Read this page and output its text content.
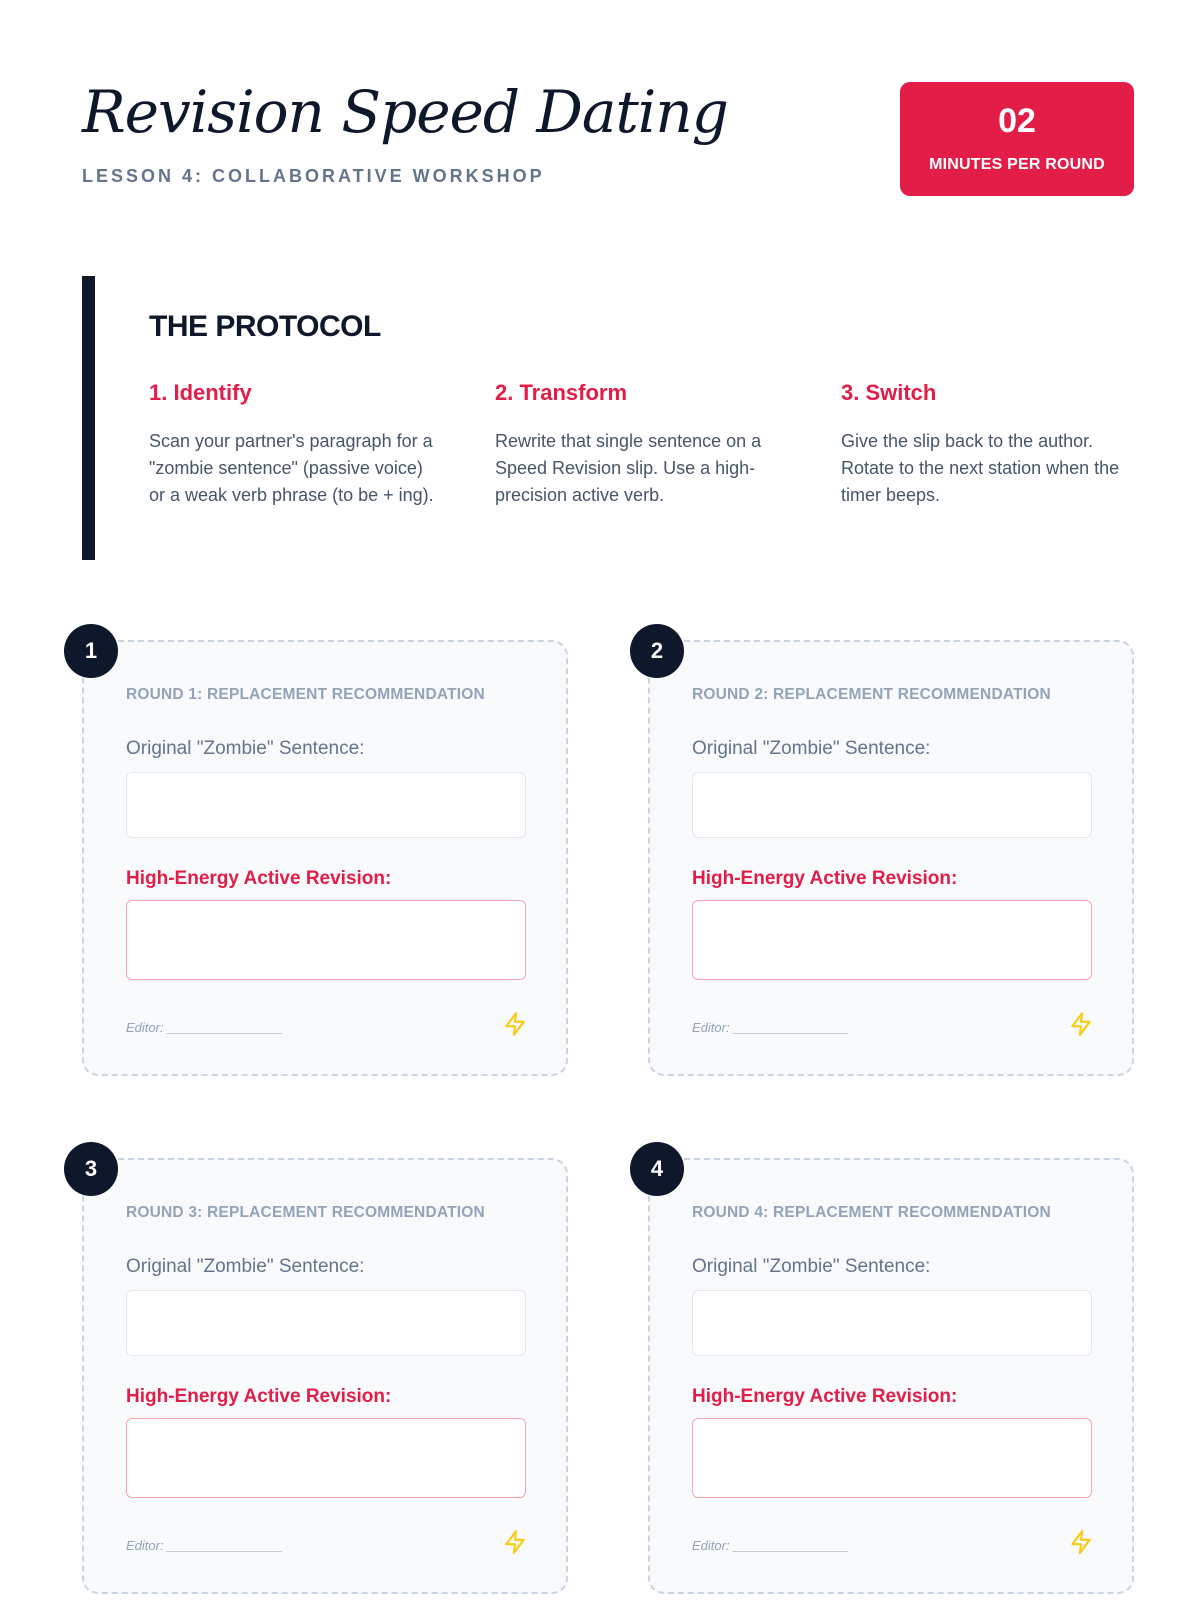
Revision Speed Dating
LESSON 4: COLLABORATIVE WORKSHOP
02
MINUTES PER ROUND
THE PROTOCOL
1. Identify

Scan your partner's paragraph for a "zombie sentence" (passive voice) or a weak verb phrase (to be + ing).

2. Transform

Rewrite that single sentence on a Speed Revision slip. Use a high-precision active verb.

3. Switch

Give the slip back to the author. Rotate to the next station when the timer beeps.

1
ROUND 1: REPLACEMENT RECOMMENDATION
Original "Zombie" Sentence:
High-Energy Active Revision:
Editor: ________________
2
ROUND 2: REPLACEMENT RECOMMENDATION
Original "Zombie" Sentence:
High-Energy Active Revision:
Editor: ________________
3
ROUND 3: REPLACEMENT RECOMMENDATION
Original "Zombie" Sentence:
High-Energy Active Revision:
Editor: ________________
4
ROUND 4: REPLACEMENT RECOMMENDATION
Original "Zombie" Sentence:
High-Energy Active Revision:
Editor: ________________
